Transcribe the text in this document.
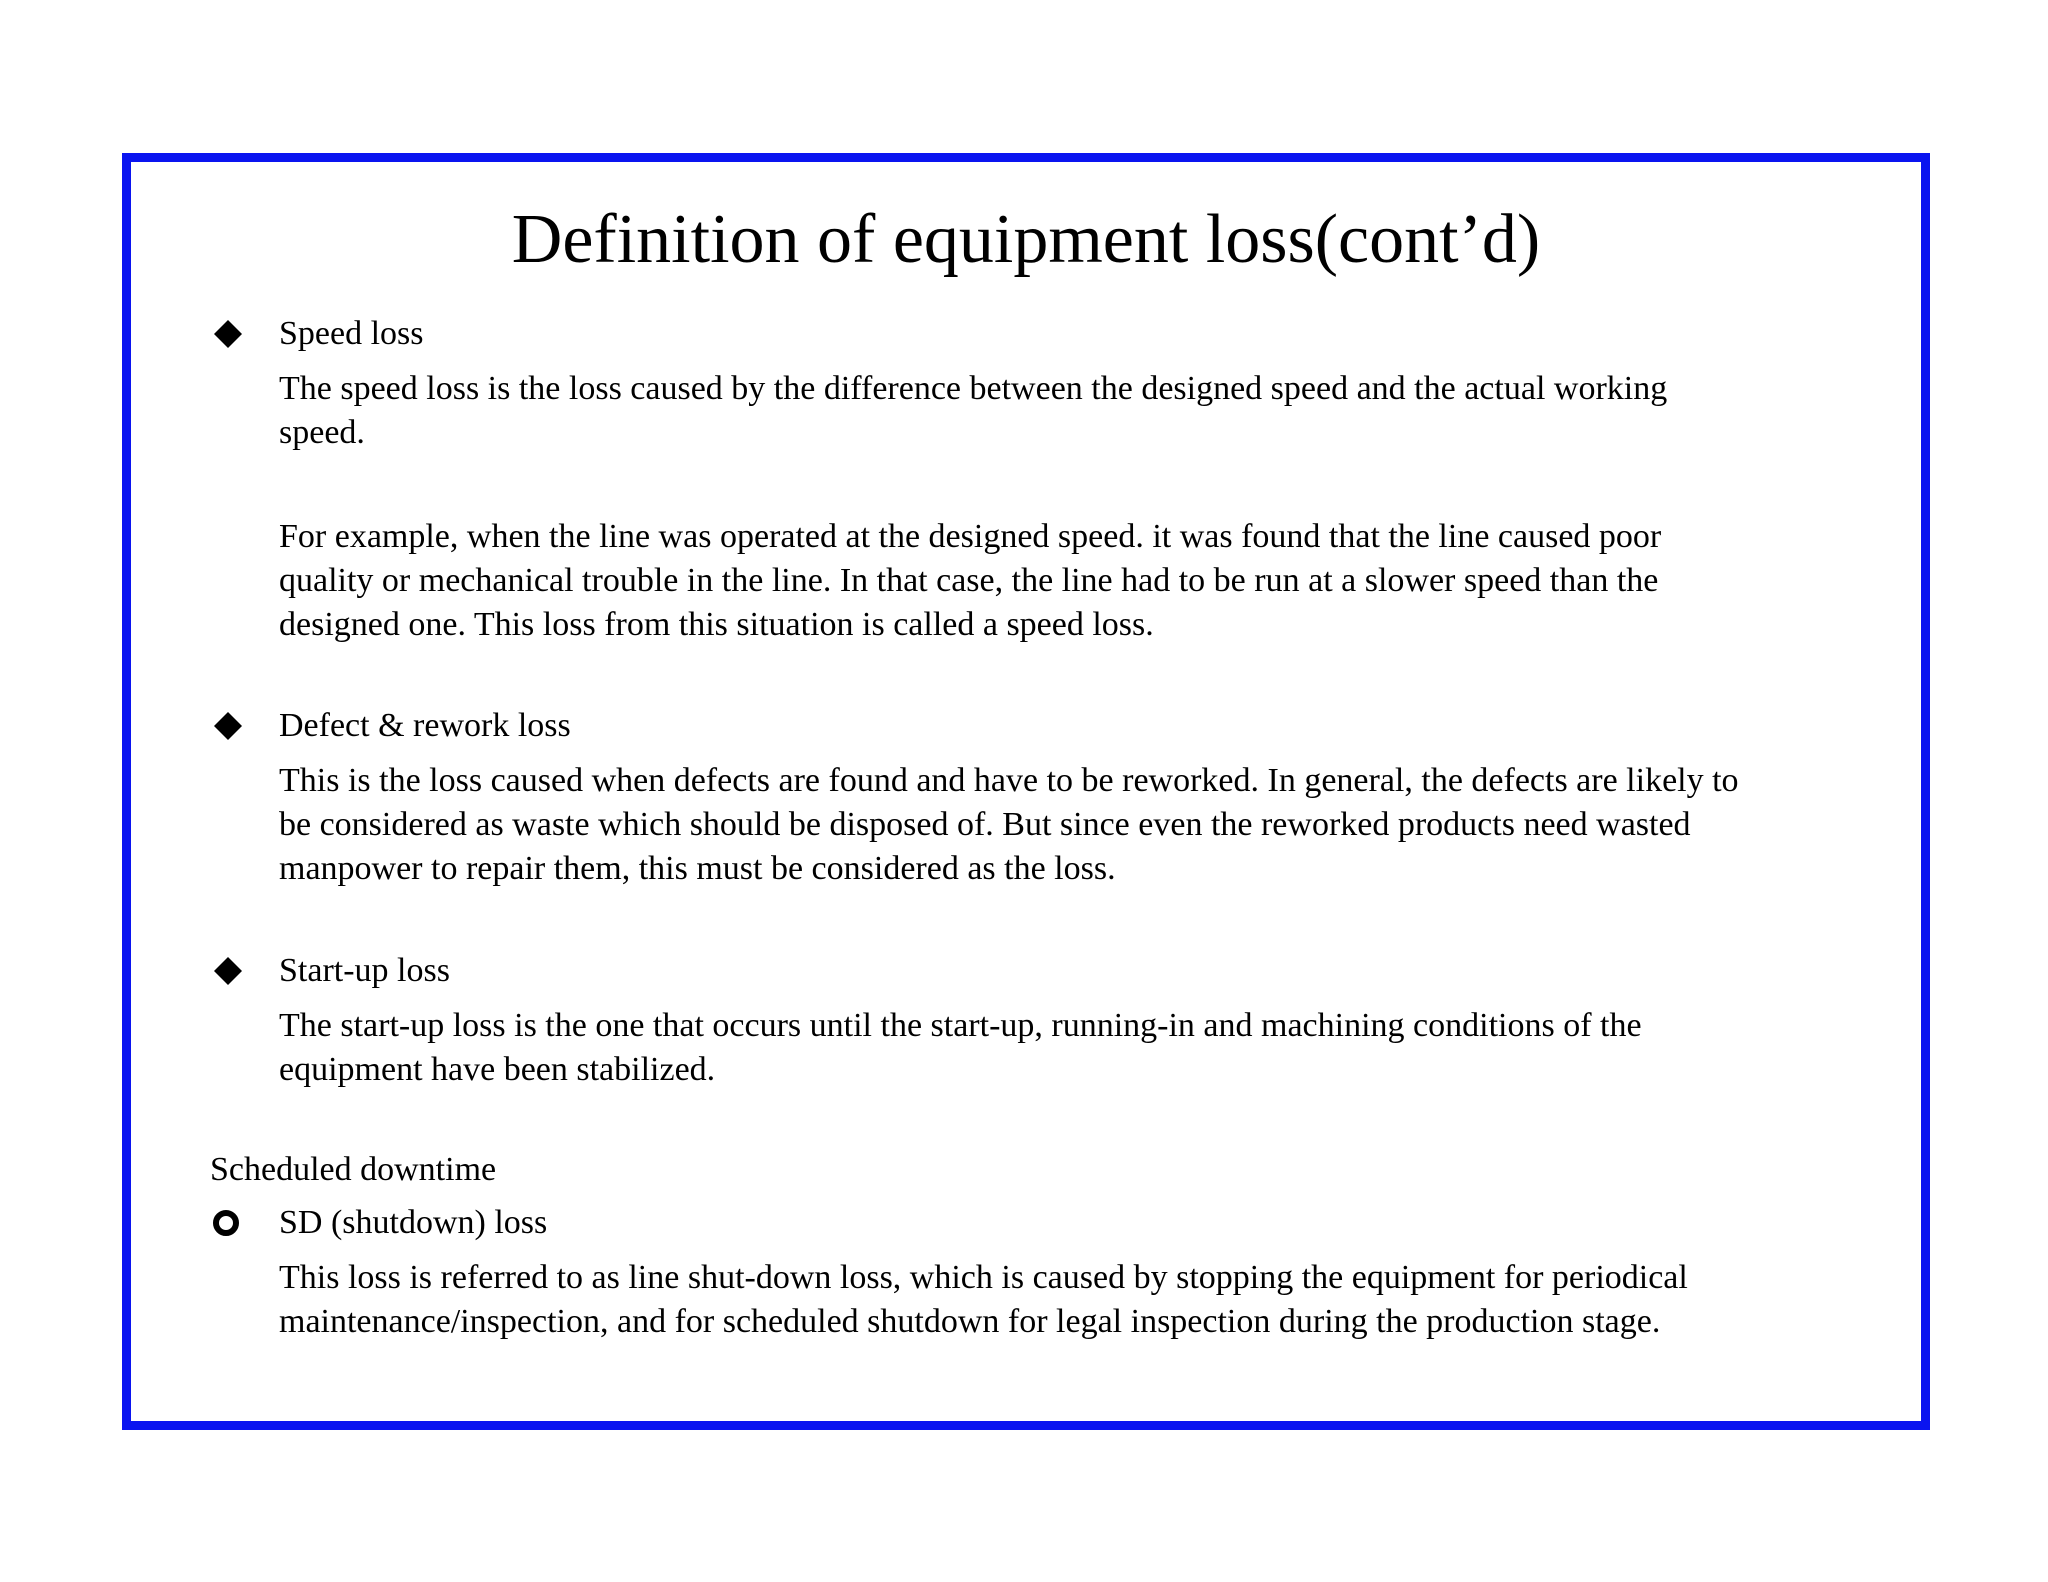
Definition of equipment loss(cont’d)
Speed loss
The speed loss is the loss caused by the difference between the designed speed and the actual working
speed.
For example, when the line was operated at the designed speed. it was found that the line caused poor
quality or mechanical trouble in the line. In that case, the line had to be run at a slower speed than the
designed one. This loss from this situation is called a speed loss.
Defect & rework loss
This is the loss caused when defects are found and have to be reworked. In general, the defects are likely to
be considered as waste which should be disposed of. But since even the reworked products need wasted
manpower to repair them, this must be considered as the loss.
Start-up loss
The start-up loss is the one that occurs until the start-up, running-in and machining conditions of the
equipment have been stabilized.
Scheduled downtime
SD (shutdown) loss
This loss is referred to as line shut-down loss, which is caused by stopping the equipment for periodical
maintenance/inspection, and for scheduled shutdown for legal inspection during the production stage.
